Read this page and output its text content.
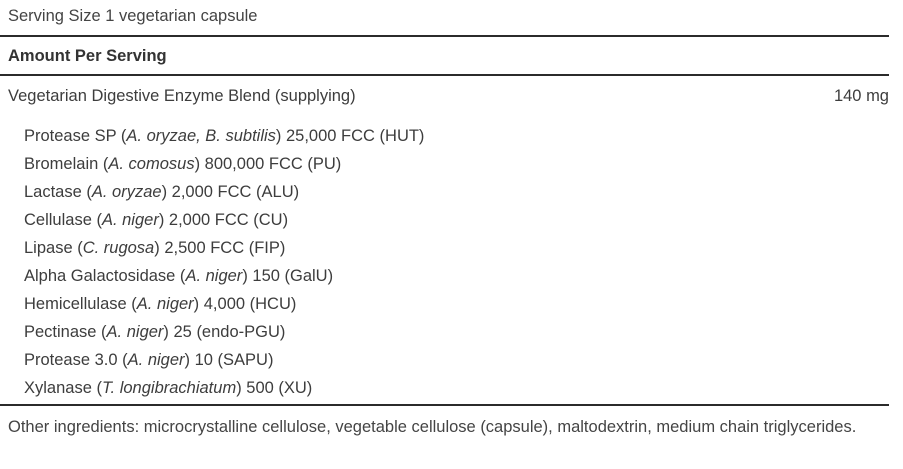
Serving Size 1 vegetarian capsule
Amount Per Serving
Vegetarian Digestive Enzyme Blend (supplying)	140 mg
Protease SP (A. oryzae, B. subtilis) 25,000 FCC (HUT)
Bromelain (A. comosus) 800,000 FCC (PU)
Lactase (A. oryzae) 2,000 FCC (ALU)
Cellulase (A. niger) 2,000 FCC (CU)
Lipase (C. rugosa) 2,500 FCC (FIP)
Alpha Galactosidase (A. niger) 150 (GalU)
Hemicellulase (A. niger) 4,000 (HCU)
Pectinase (A. niger) 25 (endo-PGU)
Protease 3.0 (A. niger) 10 (SAPU)
Xylanase (T. longibrachiatum) 500 (XU)
Other ingredients: microcrystalline cellulose, vegetable cellulose (capsule), maltodextrin, medium chain triglycerides.
